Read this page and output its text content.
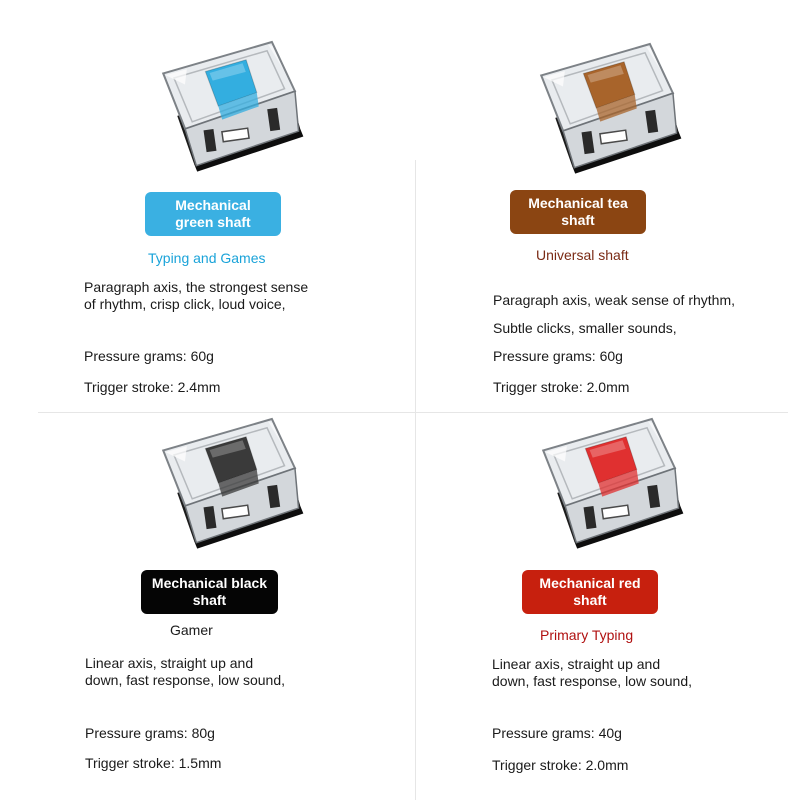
Mechanical
green shaft
Typing and Games
Paragraph axis, the strongest sense
of rhythm, crisp click, loud voice,
Pressure grams: 60g
Trigger stroke: 2.4mm
Mechanical tea
shaft
Universal shaft
Paragraph axis, weak sense of rhythm,
Subtle clicks, smaller sounds,
Pressure grams: 60g
Trigger stroke: 2.0mm
Mechanical black
shaft
Gamer
Linear axis, straight up and
down, fast response, low sound,
Pressure grams: 80g
Trigger stroke: 1.5mm
Mechanical red
shaft
Primary Typing
Linear axis, straight up and
down, fast response, low sound,
Pressure grams: 40g
Trigger stroke: 2.0mm
